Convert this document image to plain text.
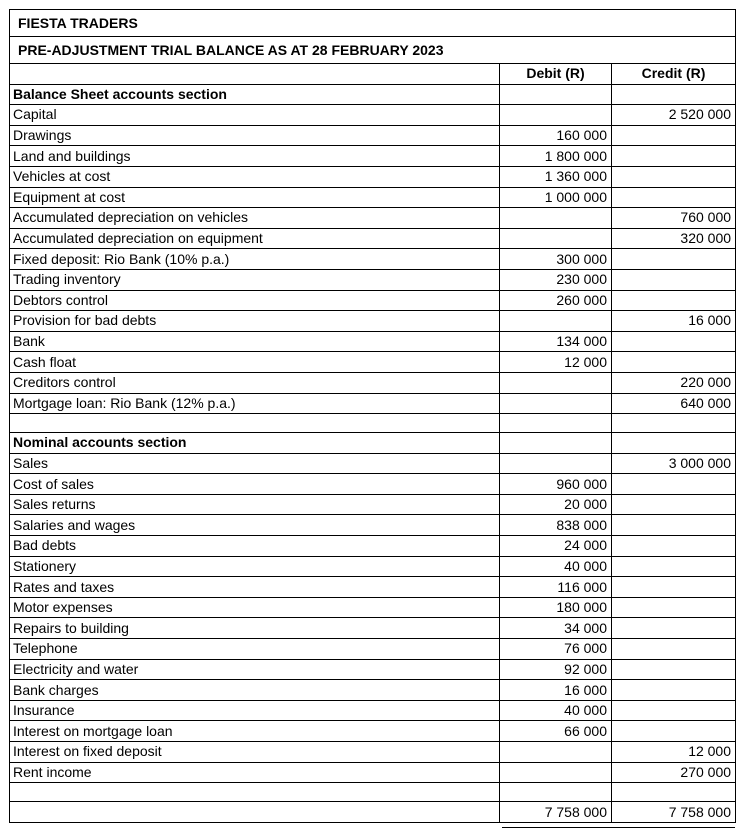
FIESTA TRADERS		
PRE-ADJUSTMENT TRIAL BALANCE AS AT 28 FEBRUARY 2023		
	Debit (R)	Credit (R)
Balance Sheet accounts section		
Capital		2 520 000
Drawings	160 000	
Land and buildings	1 800 000	
Vehicles at cost	1 360 000	
Equipment at cost	1 000 000	
Accumulated depreciation on vehicles		760 000
Accumulated depreciation on equipment		320 000
Fixed deposit: Rio Bank (10% p.a.)	300 000	
Trading inventory	230 000	
Debtors control	260 000	
Provision for bad debts		16 000
Bank	134 000	
Cash float	12 000	
Creditors control		220 000
Mortgage loan: Rio Bank (12% p.a.)		640 000

Nominal accounts section		
Sales		3 000 000
Cost of sales	960 000	
Sales returns	20 000	
Salaries and wages	838 000	
Bad debts	24 000	
Stationery	40 000	
Rates and taxes	116 000	
Motor expenses	180 000	
Repairs to building	34 000	
Telephone	76 000	
Electricity and water	92 000	
Bank charges	16 000	
Insurance	40 000	
Interest on mortgage loan	66 000	
Interest on fixed deposit		12 000
Rent income		270 000

	7 758 000	7 758 000
